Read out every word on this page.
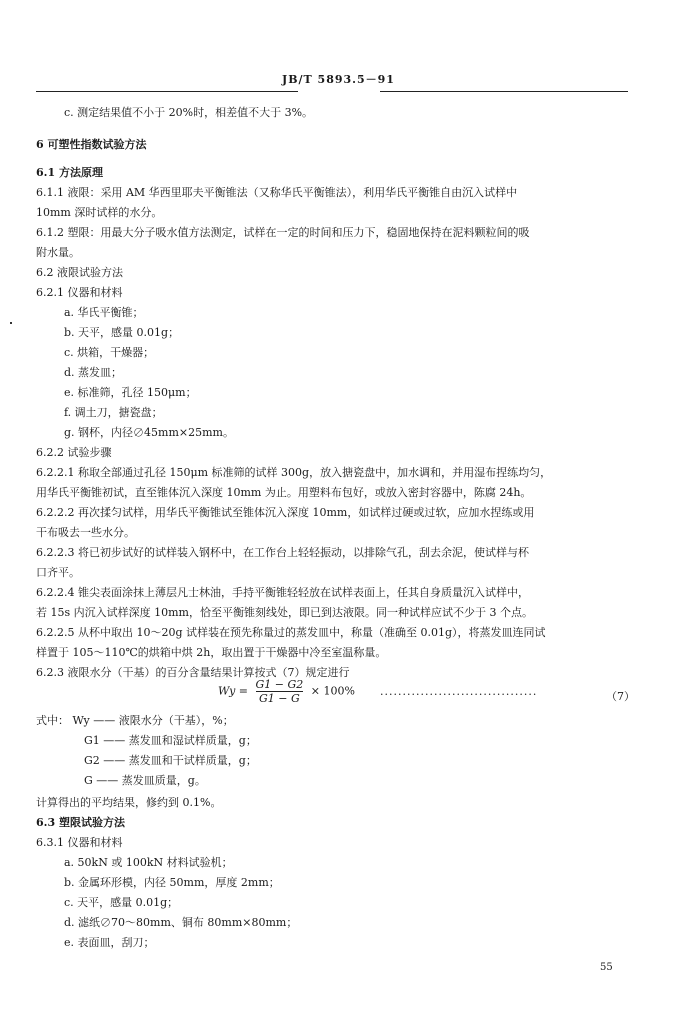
JB/T 5893.5－91
c. 测定结果值不小于 20%时，相差值不大于 3%。
6 可塑性指数试验方法
6.1 方法原理
6.1.1 液限：采用 AM 华西里耶夫平衡锥法（又称华氏平衡锥法），利用华氏平衡锥自由沉入试样中
10mm 深时试样的水分。
6.1.2 塑限：用最大分子吸水值方法测定，试样在一定的时间和压力下，稳固地保持在泥料颗粒间的吸
附水量。
6.2 液限试验方法
6.2.1 仪器和材料
a. 华氏平衡锥；
b. 天平，感量 0.01g；
c. 烘箱，干燥器；
d. 蒸发皿；
e. 标准筛，孔径 150μm；
f. 调土刀，搪瓷盘；
g. 钢杯，内径∅45mm×25mm。
6.2.2 试验步骤
6.2.2.1 称取全部通过孔径 150μm 标准筛的试样 300g，放入搪瓷盘中，加水调和，并用湿布捏练均匀，
用华氏平衡锥初试，直至锥体沉入深度 10mm 为止。用塑料布包好，或放入密封容器中，陈腐 24h。
6.2.2.2 再次揉匀试样，用华氏平衡锥试至锥体沉入深度 10mm，如试样过硬或过软，应加水捏练或用
干布吸去一些水分。
6.2.2.3 将已初步试好的试样装入钢杯中，在工作台上轻轻振动，以排除气孔，刮去余泥，使试样与杯
口齐平。
6.2.2.4 锥尖表面涂抹上薄层凡士林油，手持平衡锥轻轻放在试样表面上，任其自身质量沉入试样中，
若 15s 内沉入试样深度 10mm，恰至平衡锥刻线处，即已到达液限。同一种试样应试不少于 3 个点。
6.2.2.5 从杯中取出 10～20g 试样装在预先称量过的蒸发皿中，称量（准确至 0.01g），将蒸发皿连同试
样置于 105～110℃的烘箱中烘 2h，取出置于干燥器中冷至室温称量。
6.2.3 液限水分（干基）的百分含量结果计算按式（7）规定进行
式中： Wy —— 液限水分（干基），%；
G1 —— 蒸发皿和湿试样质量，g；
G2 —— 蒸发皿和干试样质量，g；
G —— 蒸发皿质量，g。
计算得出的平均结果，修约到 0.1%。
6.3 塑限试验方法
6.3.1 仪器和材料
a. 50kN 或 100kN 材料试验机；
b. 金属环形模，内径 50mm，厚度 2mm；
c. 天平，感量 0.01g；
d. 滤纸∅70～80mm、铜布 80mm×80mm；
e. 表面皿，刮刀；
$Wy = \frac{G1 - G2}{G1 - G} \times 100\%$ ···································	（7）
55
